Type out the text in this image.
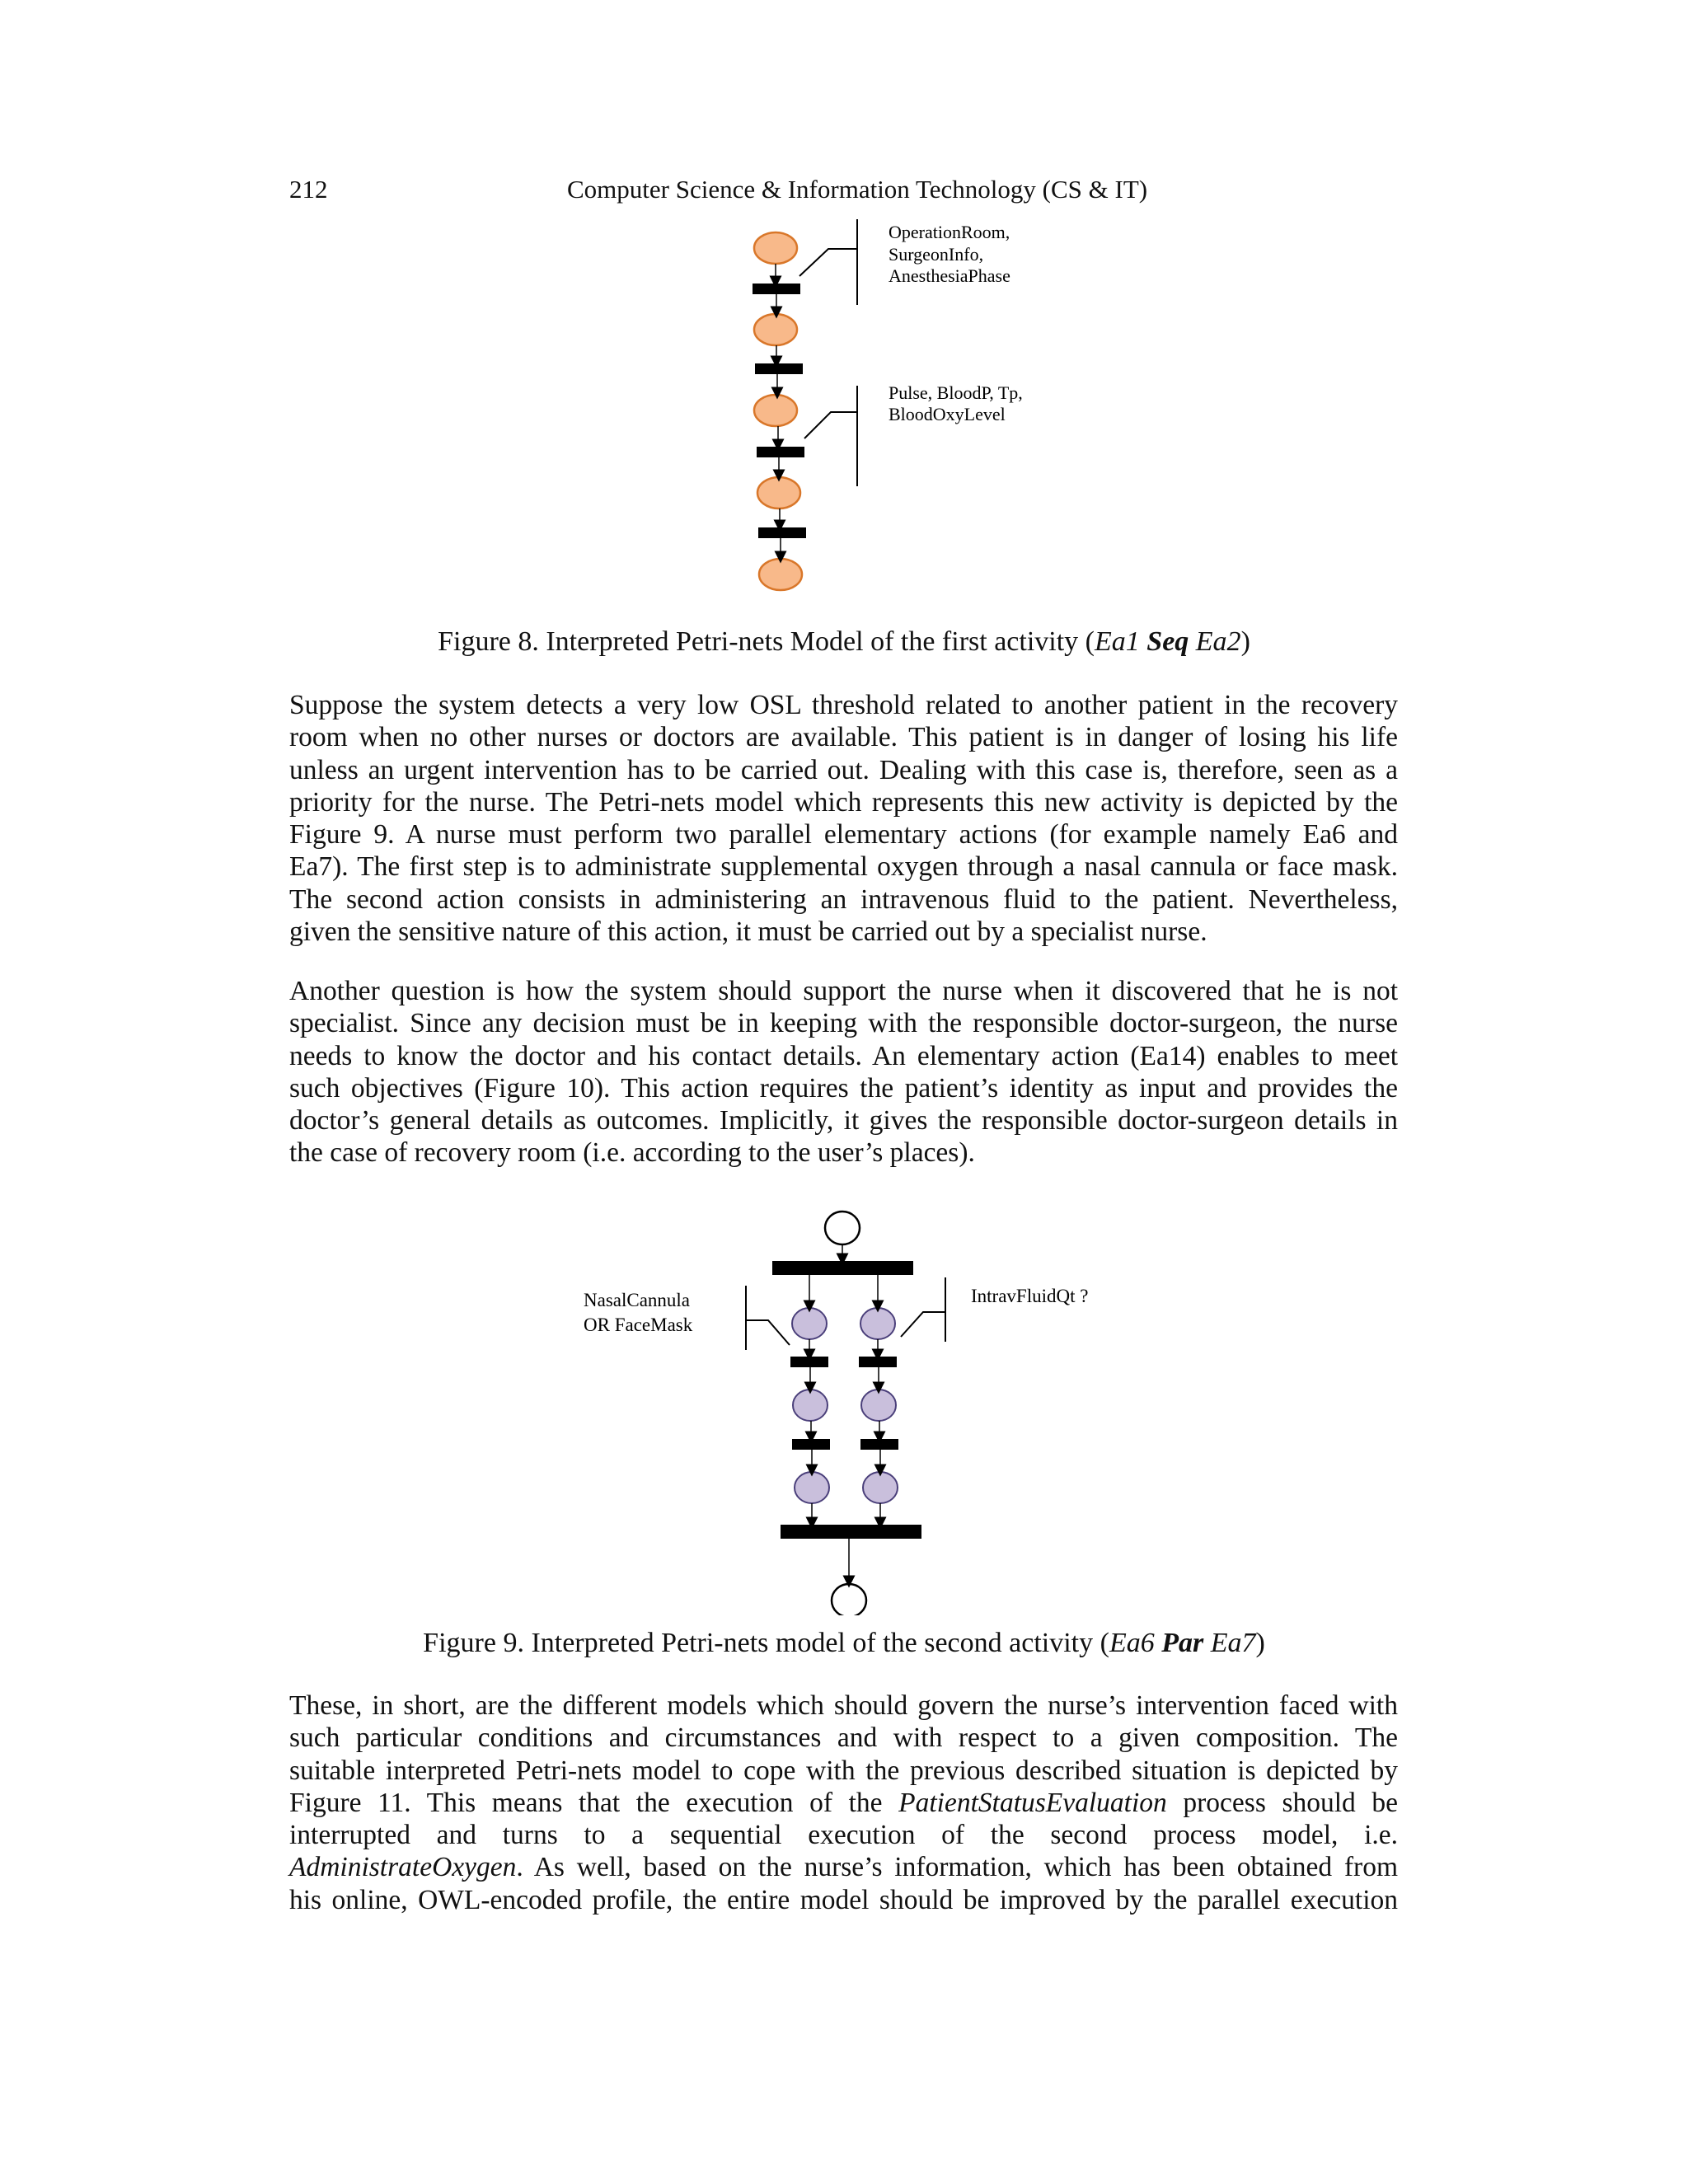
212	Computer Science & Information Technology (CS & IT)
OperationRoom,
SurgeonInfo,
AnesthesiaPhase
Pulse, BloodP, Tp,
BloodOxyLevel
Figure 8. Interpreted Petri-nets Model of the first activity (Ea1 Seq Ea2)
Suppose the system detects a very low OSL threshold related to another patient in the recovery
room when no other nurses or doctors are available. This patient is in danger of losing his life
unless an urgent intervention has to be carried out. Dealing with this case is, therefore, seen as a
priority for the nurse. The Petri-nets model which represents this new activity is depicted by the
Figure 9. A nurse must perform two parallel elementary actions (for example namely Ea6 and
Ea7). The first step is to administrate supplemental oxygen through a nasal cannula or face mask.
The second action consists in administering an intravenous fluid to the patient. Nevertheless,
given the sensitive nature of this action, it must be carried out by a specialist nurse.
Another question is how the system should support the nurse when it discovered that he is not
specialist. Since any decision must be in keeping with the responsible doctor-surgeon, the nurse
needs to know the doctor and his contact details. An elementary action (Ea14) enables to meet
such objectives (Figure 10). This action requires the patient’s identity as input and provides the
doctor’s general details as outcomes. Implicitly, it gives the responsible doctor-surgeon details in
the case of recovery room (i.e. according to the user’s places).
NasalCannula
OR FaceMask
IntravFluidQt ?
Figure 9. Interpreted Petri-nets model of the second activity (Ea6 Par Ea7)
These, in short, are the different models which should govern the nurse’s intervention faced with
such particular conditions and circumstances and with respect to a given composition. The
suitable interpreted Petri-nets model to cope with the previous described situation is depicted by
Figure 11. This means that the execution of the PatientStatusEvaluation process should be
interrupted and turns to a sequential execution of the second process model, i.e.
AdministrateOxygen. As well, based on the nurse’s information, which has been obtained from
his online, OWL-encoded profile, the entire model should be improved by the parallel execution
